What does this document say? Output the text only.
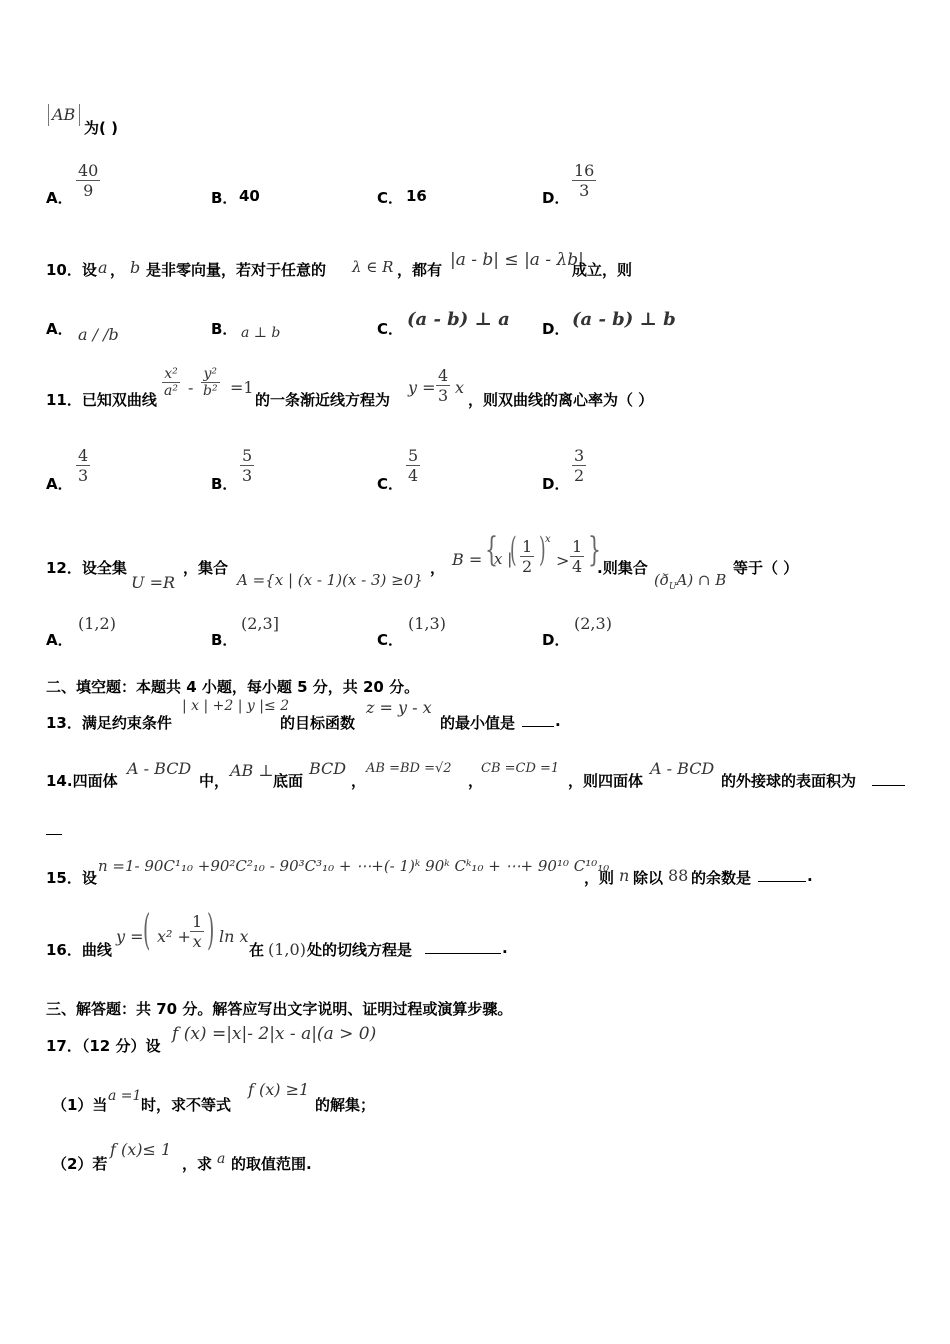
AB
为( )
A． $\frac{40}{9}$	B． 40	C． 16	D． $\frac{16}{3}$
10．设 a ， b 是非零向量，若对于任意的 λ ∈ R ，都有 |a - b| ≤ |a - λb|
成立，则
A． a / /b	B． a ⊥ b	C． (a - b) ⊥ a D． (a - b) ⊥ b
11．已知双曲线
$\frac{\text{x²}}{\text{a²}} - \frac{\text{y²}}{\text{b²}} =1$
的一条渐近线方程为
$y = \frac{4}{3}$ x
，则双曲线的离心率为（ ）
A． $\frac{4}{3}$	B． $\frac{5}{3}$	C． $\frac{5}{4}$	D． $\frac{3}{2}$
12．设全集
U =R
，集合
A ={x | (x - 1)(x - 3) ≥0}
， B = {
x |
( $\frac{1}{2}$ ) x
> $\frac{1}{4}$ }
.则集合
$(ð_UA)$ ∩ B
等于（ ）
A．
(1,2)
B．
(2,3]
C．
(1,3)
D．
(2,3)
二、填空题：本题共 4 小题，每小题 5 分，共 20 分。
13．满足约束条件
| x | +2 | y |≤ 2
的目标函数
z = y - x
的最小值是	.
14.四面体
A - BCD
中，
AB ⊥
底面
BCD
，
AB =BD =√2
，
CB =CD =1
，则四面体
A - BCD
的外接球的表面积为
15．设
n =1- 90C¹₁₀ +90²C²₁₀ - 90³C³₁₀ + ⋯+(- 1)ᵏ 90ᵏ Cᵏ₁₀ + ⋯+ 90¹⁰ C¹⁰₁₀
，则 n 除以 88 的余数是	.
16．曲线
y = ( $x^2 + \frac{1}{x}$ ) ln x
在 (1,0) 处的切线方程是	.
三、解答题：共 70 分。解答应写出文字说明、证明过程或演算步骤。
17．（12 分）设
f (x) =|x|- 2|x - a|(a > 0)
（1）当 a =1 时，求不等式
f (x) ≥1
的解集；
（2）若
f (x)≤ 1
，求 a 的取值范围.
